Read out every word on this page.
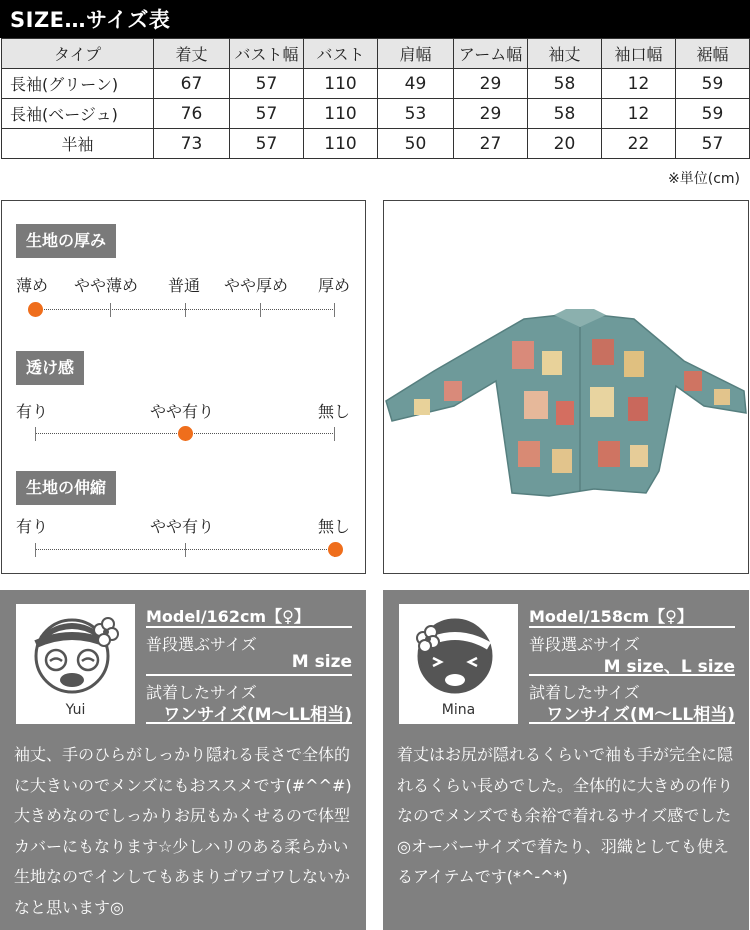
SIZE…サイズ表
タイプ	着丈	バスト幅	バスト	肩幅	アーム幅	袖丈	袖口幅	裾幅
長袖(グリーン)	67	57	110	49	29	58	12	59
長袖(ベージュ)	76	57	110	53	29	58	12	59
半袖	73	57	110	50	27	20	22	57
※単位(cm)
生地の厚み
薄め やや薄め 普通 やや厚め 厚め
透け感
有り	やや有り	無し
生地の伸縮
有り	やや有り	無し
Yui
Model/162cm【♀】
普段選ぶサイズ
M size
試着したサイズ
ワンサイズ(M〜LL相当)
袖丈、手のひらがしっかり隠れる長さで全体的に大きいのでメンズにもおススメです(#^^#)大きめなのでしっかりお尻もかくせるので体型カバーにもなります☆少しハリのある柔らかい生地なのでインしてもあまりゴワゴワしないかなと思います◎
Mina
Model/158cm【♀】
普段選ぶサイズ
M size、L size
試着したサイズ
ワンサイズ(M〜LL相当)
着丈はお尻が隠れるくらいで袖も手が完全に隠れるくらい長めでした。全体的に大きめの作りなのでメンズでも余裕で着れるサイズ感でした◎オーバーサイズで着たり、羽織としても使えるアイテムです(*^-^*)
